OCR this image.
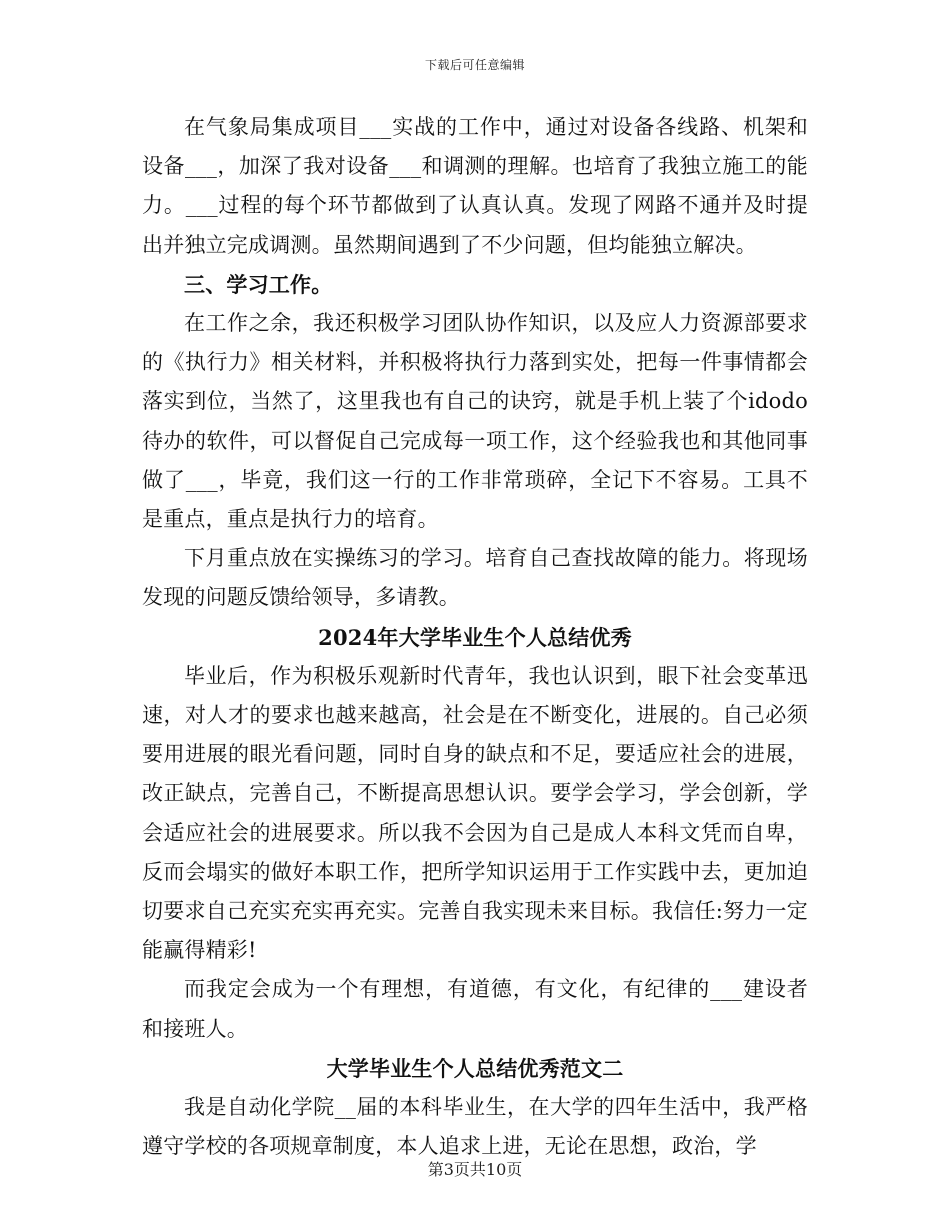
下载后可任意编辑

在气象局集成项目___实战的工作中，通过对设备各线路、机架和设备___，加深了我对设备___和调测的理解。也培育了我独立施工的能力。___过程的每个环节都做到了认真认真。发现了网路不通并及时提出并独立完成调测。虽然期间遇到了不少问题，但均能独立解决。

三、学习工作。

在工作之余，我还积极学习团队协作知识，以及应人力资源部要求的《执行力》相关材料，并积极将执行力落到实处，把每一件事情都会落实到位，当然了，这里我也有自己的诀窍，就是手机上装了个idodo待办的软件，可以督促自己完成每一项工作，这个经验我也和其他同事做了___，毕竟，我们这一行的工作非常琐碎，全记下不容易。工具不是重点，重点是执行力的培育。

下月重点放在实操练习的学习。培育自己查找故障的能力。将现场发现的问题反馈给领导，多请教。

2024年大学毕业生个人总结优秀

毕业后，作为积极乐观新时代青年，我也认识到，眼下社会变革迅速，对人才的要求也越来越高，社会是在不断变化，进展的。自己必须要用进展的眼光看问题，同时自身的缺点和不足，要适应社会的进展，改正缺点，完善自己，不断提高思想认识。要学会学习，学会创新，学会适应社会的进展要求。所以我不会因为自己是成人本科文凭而自卑，反而会塌实的做好本职工作，把所学知识运用于工作实践中去，更加迫切要求自己充实充实再充实。完善自我实现未来目标。我信任:努力一定能赢得精彩!

而我定会成为一个有理想，有道德，有文化，有纪律的___建设者和接班人。

大学毕业生个人总结优秀范文二

我是自动化学院__届的本科毕业生，在大学的四年生活中，我严格遵守学校的各项规章制度，本人追求上进，无论在思想，政治，学

第3页共10页
